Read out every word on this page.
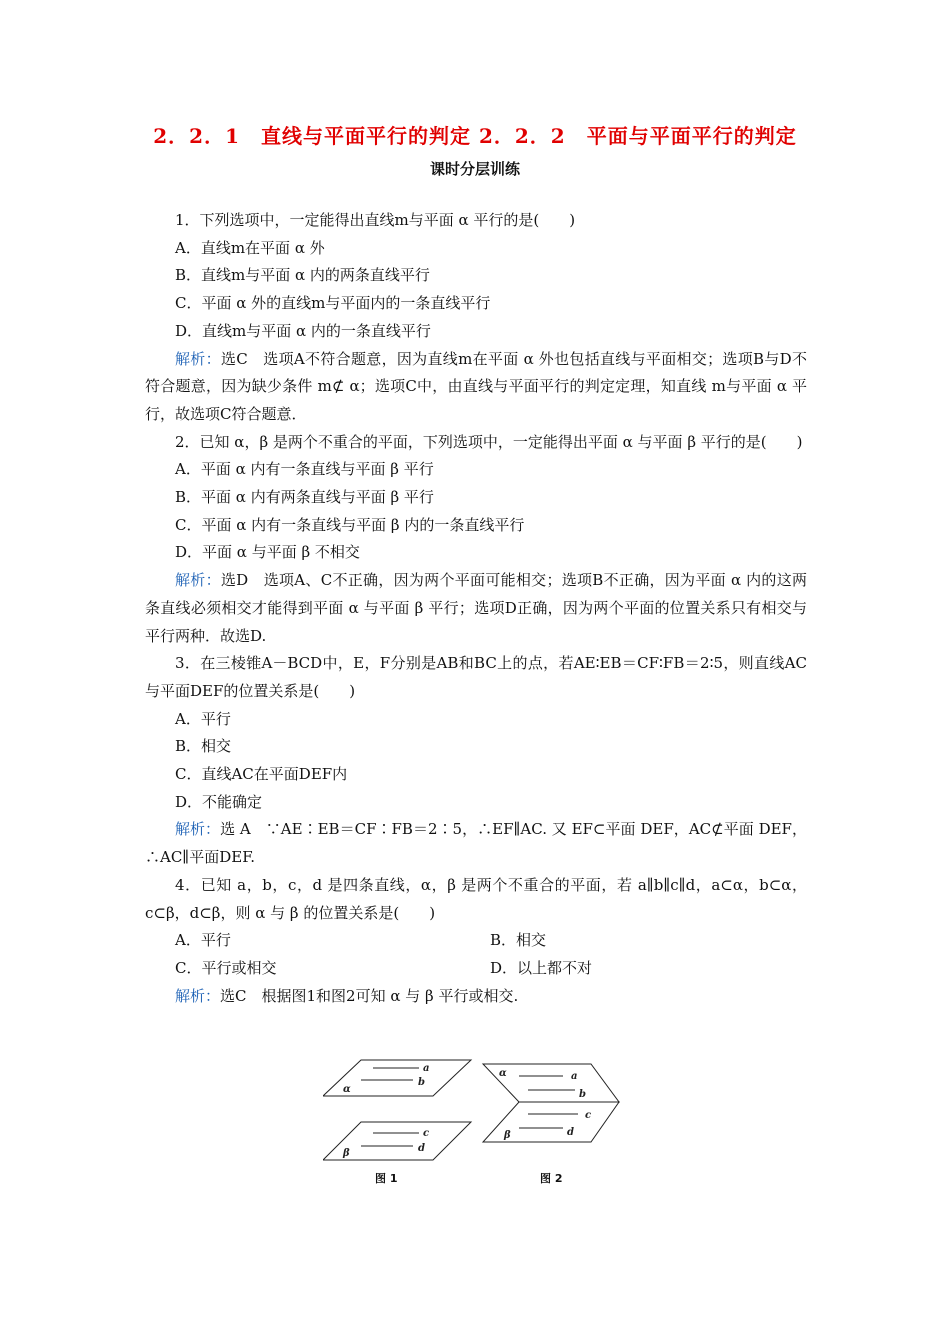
2．2．1　直线与平面平行的判定 2．2．2　平面与平面平行的判定
课时分层训练

1．下列选项中，一定能得出直线m与平面 α 平行的是(　　)

A．直线m在平面 α 外

B．直线m与平面 α 内的两条直线平行

C．平面 α 外的直线m与平面内的一条直线平行

D．直线m与平面 α 内的一条直线平行

解析：选C　选项A不符合题意，因为直线m在平面 α 外也包括直线与平面相交；选项B与D不符合题意，因为缺少条件 m⊄ α；选项C中，由直线与平面平行的判定定理，知直线 m与平面 α 平行，故选项C符合题意．

2．已知 α，β 是两个不重合的平面，下列选项中，一定能得出平面 α 与平面 β 平行的是(　　)

A．平面 α 内有一条直线与平面 β 平行

B．平面 α 内有两条直线与平面 β 平行

C．平面 α 内有一条直线与平面 β 内的一条直线平行

D．平面 α 与平面 β 不相交

解析：选D　选项A、C不正确，因为两个平面可能相交；选项B不正确，因为平面 α 内的这两条直线必须相交才能得到平面 α 与平面 β 平行；选项D正确，因为两个平面的位置关系只有相交与平行两种．故选D.

3．在三棱锥A－BCD中，E，F分别是AB和BC上的点，若AE∶EB＝CF∶FB＝2∶5，则直线AC与平面DEF的位置关系是(　　)

A．平行

B．相交

C．直线AC在平面DEF内

D．不能确定

解析：选 A　∵AE∶EB＝CF∶FB＝2∶5，∴EF∥AC. 又 EF⊂平面 DEF，AC⊄平面 DEF，∴AC∥平面DEF.

4．已知 a，b，c，d 是四条直线，α，β 是两个不重合的平面，若 a∥b∥c∥d，a⊂α，b⊂α，c⊂β，d⊂β，则 α 与 β 的位置关系是(　　)

A．平行	B．相交
C．平行或相交	D．以上都不对

解析：选C　根据图1和图2可知 α 与 β 平行或相交.

α
a
b
β
c
d
α	a
b
c
β	d
图 1	图 2
